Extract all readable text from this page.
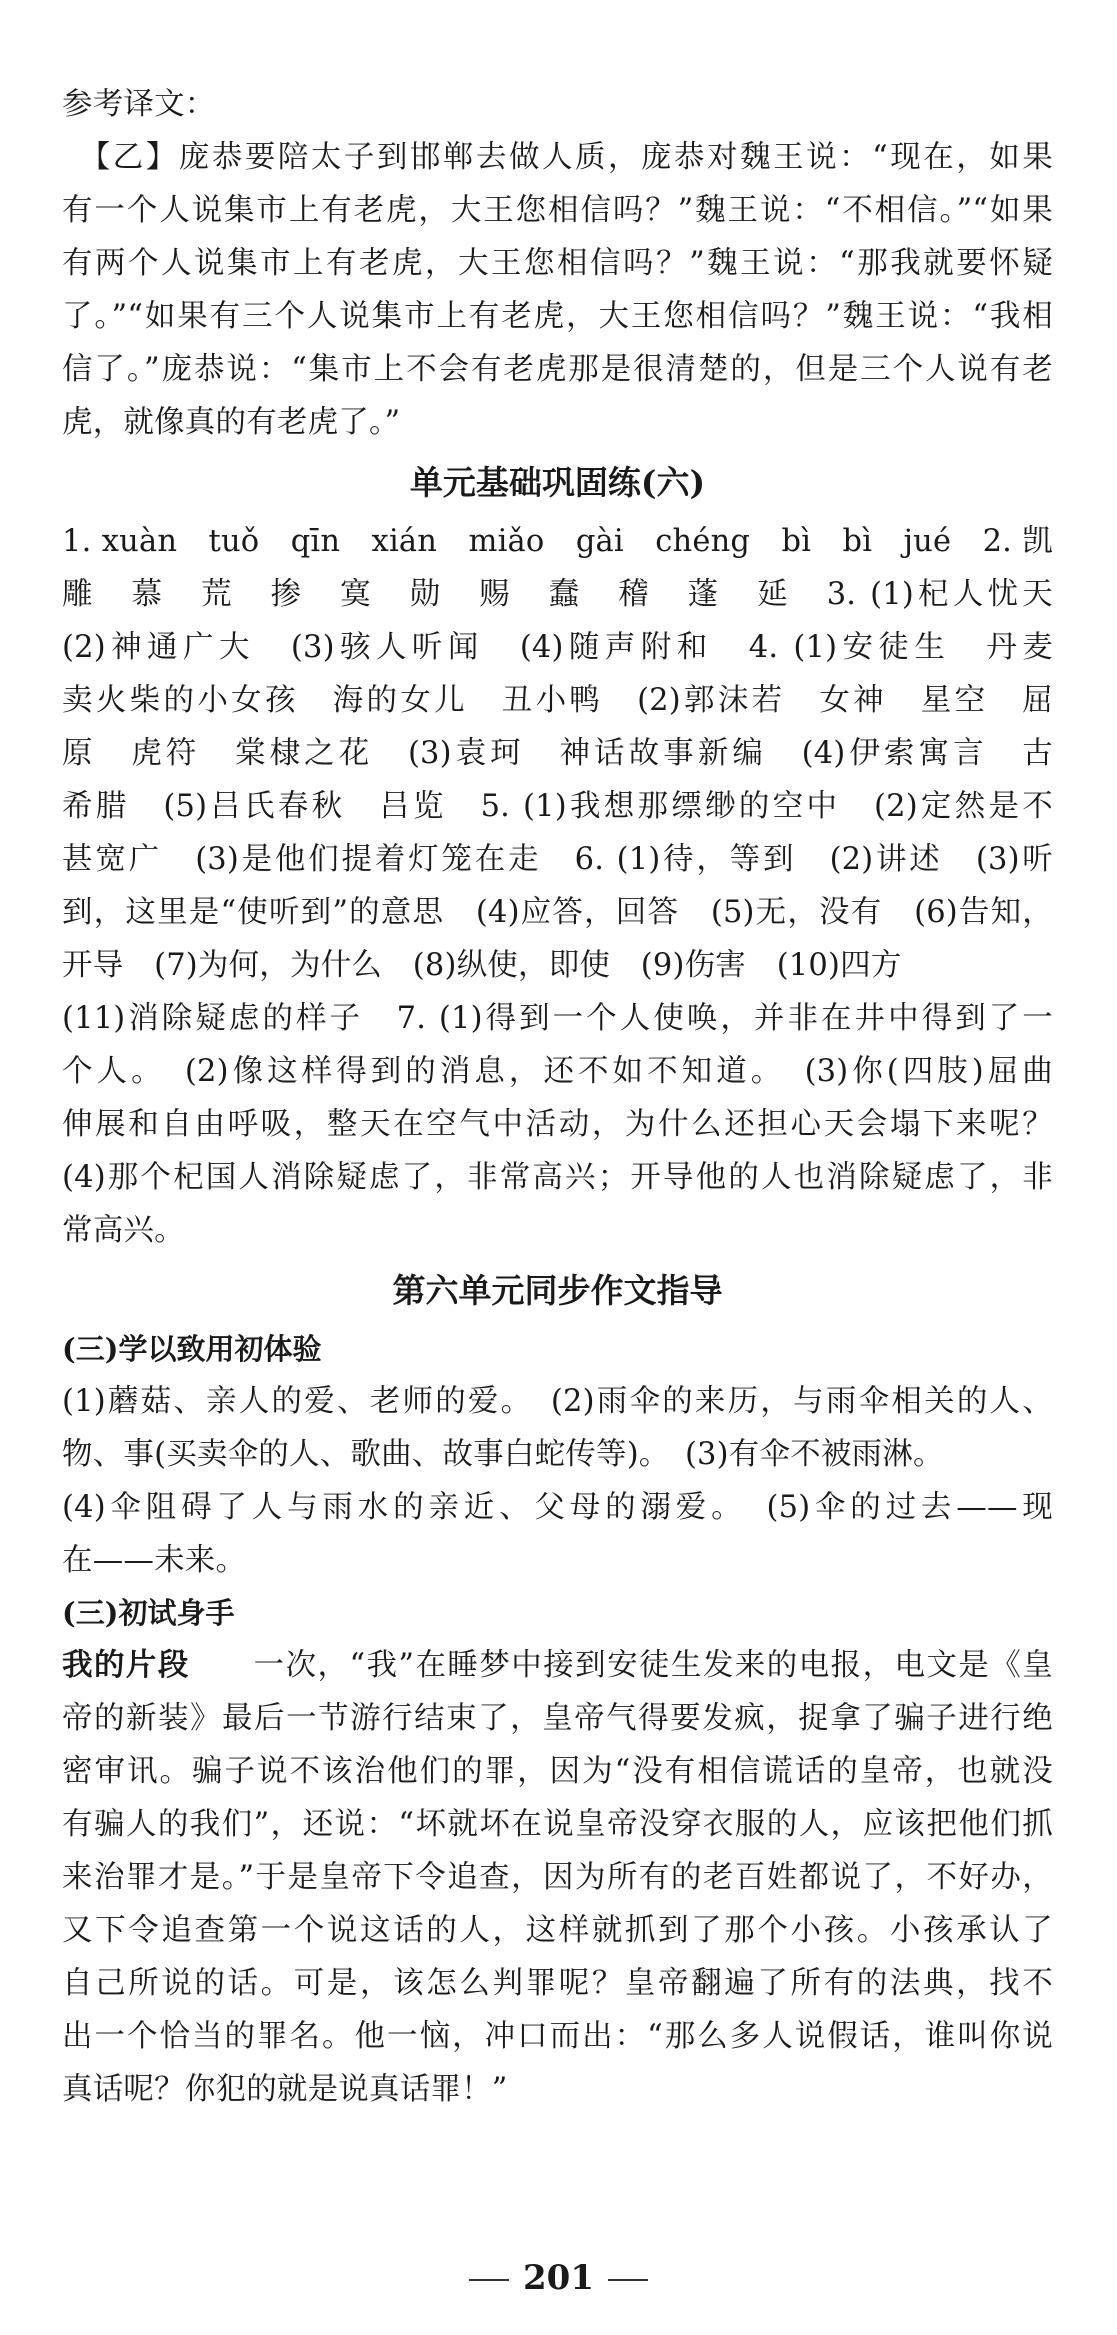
参考译文：
　【乙】庞恭要陪太子到邯郸去做人质，庞恭对魏王说：“现在，如果
有一个人说集市上有老虎，大王您相信吗？”魏王说：“不相信。”“如果
有两个人说集市上有老虎，大王您相信吗？”魏王说：“那我就要怀疑
了。”“如果有三个人说集市上有老虎，大王您相信吗？”魏王说：“我相
信了。”庞恭说：“集市上不会有老虎那是很清楚的，但是三个人说有老
虎，就像真的有老虎了。”
单元基础巩固练(六)
1. xuàn　tuǒ　qīn　xián　miǎo　gài　chéng　bì　bì　jué　2. 凯
雕　慕　荒　掺　寞　勋　赐　蠢　稽　蓬　延　3. (1)杞人忧天
(2)神通广大　(3)骇人听闻　(4)随声附和　4. (1)安徒生　丹麦
卖火柴的小女孩　海的女儿　丑小鸭　(2)郭沫若　女神　星空　屈
原　虎符　棠棣之花　(3)袁珂　神话故事新编　(4)伊索寓言　古
希腊　(5)吕氏春秋　吕览　5. (1)我想那缥缈的空中　(2)定然是不
甚宽广　(3)是他们提着灯笼在走　6. (1)待，等到　(2)讲述　(3)听
到，这里是“使听到”的意思　(4)应答，回答　(5)无，没有　(6)告知，
开导　(7)为何，为什么　(8)纵使，即使　(9)伤害　(10)四方
(11)消除疑虑的样子　7. (1)得到一个人使唤，并非在井中得到了一
个人。　(2)像这样得到的消息，还不如不知道。　(3)你(四肢)屈曲
伸展和自由呼吸，整天在空气中活动，为什么还担心天会塌下来呢？
(4)那个杞国人消除疑虑了，非常高兴；开导他的人也消除疑虑了，非
常高兴。
第六单元同步作文指导
(三)学以致用初体验
(1)蘑菇、亲人的爱、老师的爱。　(2)雨伞的来历，与雨伞相关的人、
物、事(买卖伞的人、歌曲、故事白蛇传等)。　(3)有伞不被雨淋。
(4)伞阻碍了人与雨水的亲近、父母的溺爱。　(5)伞的过去——现
在——未来。
(三)初试身手
我的片段　　一次，“我”在睡梦中接到安徒生发来的电报，电文是《皇
帝的新装》最后一节游行结束了，皇帝气得要发疯，捉拿了骗子进行绝
密审讯。骗子说不该治他们的罪，因为“没有相信谎话的皇帝，也就没
有骗人的我们”，还说：“坏就坏在说皇帝没穿衣服的人，应该把他们抓
来治罪才是。”于是皇帝下令追查，因为所有的老百姓都说了，不好办，
又下令追查第一个说这话的人，这样就抓到了那个小孩。小孩承认了
自己所说的话。可是，该怎么判罪呢？皇帝翻遍了所有的法典，找不
出一个恰当的罪名。他一恼，冲口而出：“那么多人说假话，谁叫你说
真话呢？你犯的就是说真话罪！”
201
